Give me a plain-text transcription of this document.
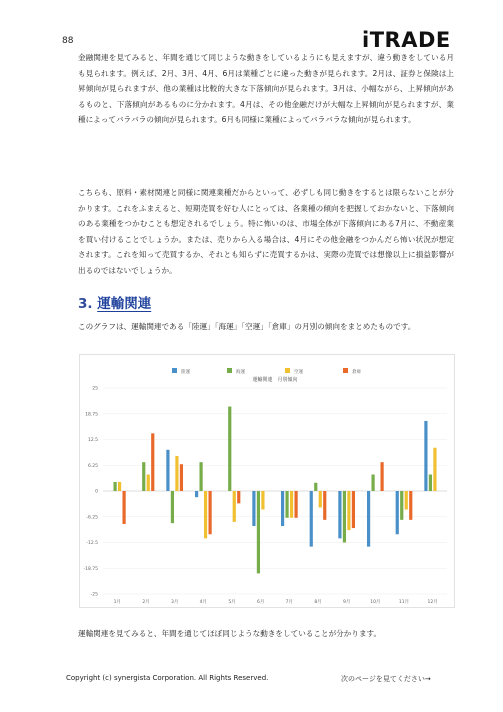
88	iTRADE
金融関連を見てみると、年間を通じて同じような動きをしているようにも見えますが、違う動きをしている月も見られます。例えば、2月、3月、4月、6月は業種ごとに違った動きが見られます。2月は、証券と保険は上昇傾向が見られますが、他の業種は比較的大きな下落傾向が見られます。3月は、小幅ながら、上昇傾向があるものと、下落傾向があるものに分かれます。4月は、その他金融だけが大幅な上昇傾向が見られますが、業種によってバラバラの傾向が見られます。6月も同様に業種によってバラバラな傾向が見られます。
こちらも、原料・素材関連と同様に関連業種だからといって、必ずしも同じ動きをするとは限らないことが分かります。これをふまえると、短期売買を好む人にとっては、各業種の傾向を把握しておかないと、下落傾向のある業種をつかむことも想定されるでしょう。特に怖いのは、市場全体が下落傾向にある7月に、不動産業を買い付けることでしょうか。または、売りから入る場合は、4月にその他金融をつかんだら怖い状況が想定されます。これを知って売買するか、それとも知らずに売買するかは、実際の売買では想像以上に損益影響が出るのではないでしょうか。
3. 運輸関連
このグラフは、運輸関連である「陸運」「海運」「空運」「倉庫」の月別の傾向をまとめたものです。
陸運	海運	空運	倉庫
運輸関連　月別傾向
25
18.75
12.5
6.25
0
-6.25
-12.5
-18.75
-25
1月	2月	3月	4月	5月	6月	7月	8月	9月	10月	11月	12月
運輸関連を見てみると、年間を通じてほぼ同じような動きをしていることが分かります。
Copyright (c) synergista Corporation. All Rights Reserved.	次のページを見てください→
